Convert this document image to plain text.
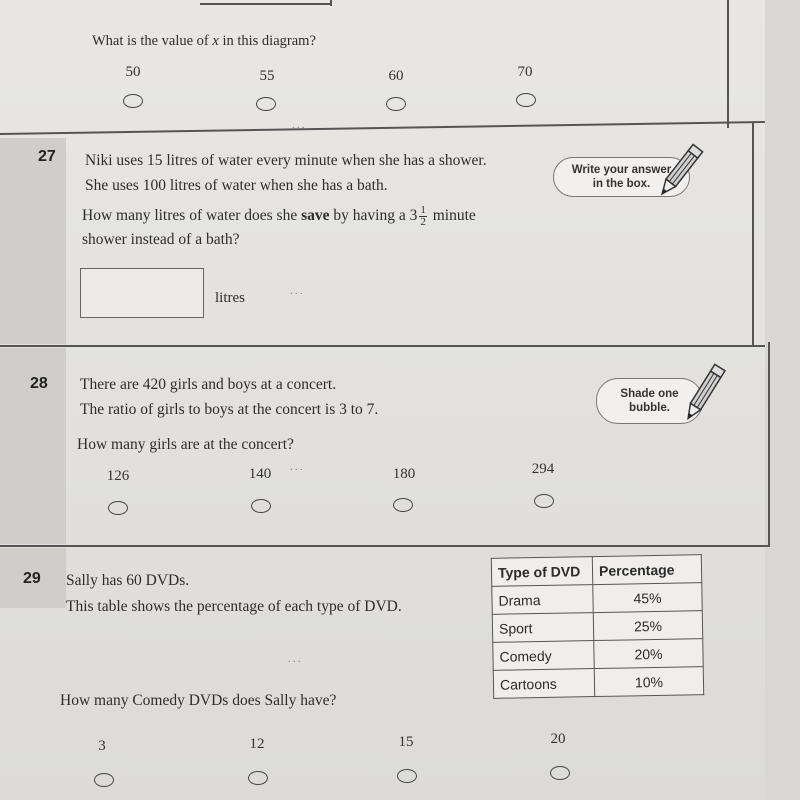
What is the value of x in this diagram?
50	55	60	70
27 Niki uses 15 litres of water every minute when she has a shower.
She uses 100 litres of water when she has a bath.
How many litres of water does she save by having a $3 \frac{1}{2}$ minute
shower instead of a bath?
litres
Write your answer in the box.
. . .
. . .
28 There are 420 girls and boys at a concert.
The ratio of girls to boys at the concert is 3 to 7.
How many girls are at the concert?
126	140	180	294
Shade one bubble.
. . .
29 Sally has 60 DVDs.
This table shows the percentage of each type of DVD.
Type of DVD	Percentage
Drama	45%
Sport	25%
Comedy	20%
Cartoons	10%
. . .
How many Comedy DVDs does Sally have?
3	12	15	20
